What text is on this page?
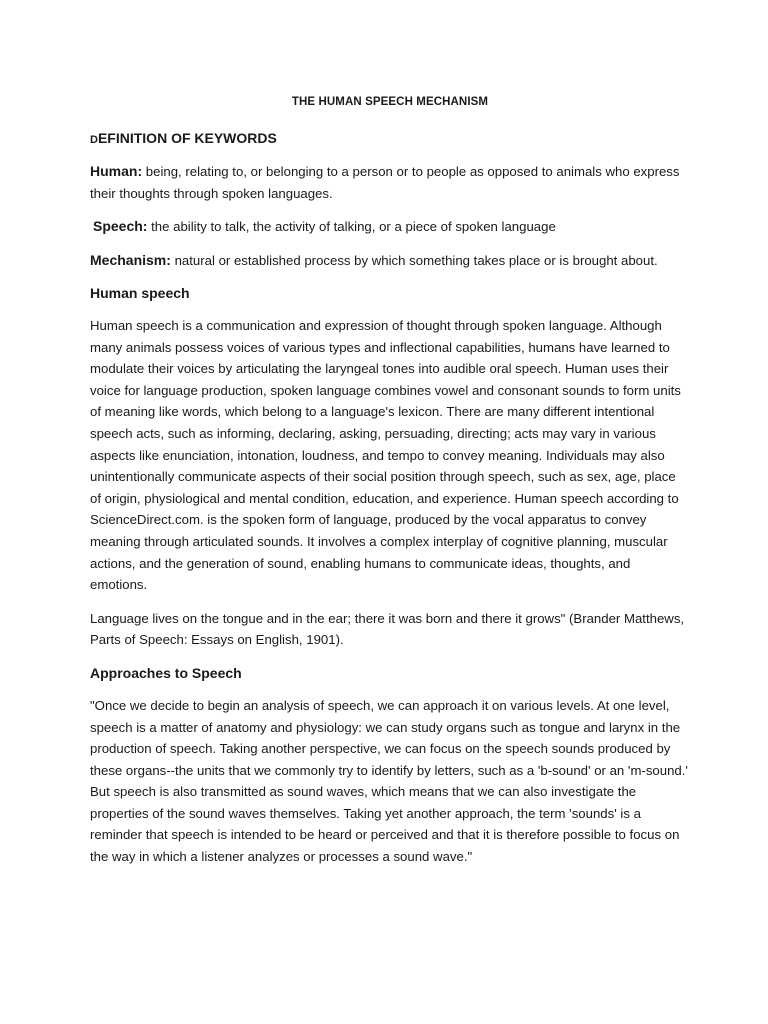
THE HUMAN SPEECH MECHANISM
DEFINITION OF KEYWORDS
Human: being, relating to, or belonging to a person or to people as opposed to animals who express their thoughts through spoken languages.
Speech: the ability to talk, the activity of talking, or a piece of spoken language
Mechanism: natural or established process by which something takes place or is brought about.
Human speech

Human speech is a communication and expression of thought through spoken language. Although many animals possess voices of various types and inflectional capabilities, humans have learned to modulate their voices by articulating the laryngeal tones into audible oral speech. Human uses their voice for language production, spoken language combines vowel and consonant sounds to form units of meaning like words, which belong to a language's lexicon. There are many different intentional speech acts, such as informing, declaring, asking, persuading, directing; acts may vary in various aspects like enunciation, intonation, loudness, and tempo to convey meaning. Individuals may also unintentionally communicate aspects of their social position through speech, such as sex, age, place of origin, physiological and mental condition, education, and experience. Human speech according to ScienceDirect.com. is the spoken form of language, produced by the vocal apparatus to convey meaning through articulated sounds. It involves a complex interplay of cognitive planning, muscular actions, and the generation of sound, enabling humans to communicate ideas, thoughts, and emotions.

Language lives on the tongue and in the ear; there it was born and there it grows" (Brander Matthews, Parts of Speech: Essays on English, 1901).

Approaches to Speech

"Once we decide to begin an analysis of speech, we can approach it on various levels. At one level, speech is a matter of anatomy and physiology: we can study organs such as tongue and larynx in the production of speech. Taking another perspective, we can focus on the speech sounds produced by these organs--the units that we commonly try to identify by letters, such as a 'b-sound' or an 'm-sound.' But speech is also transmitted as sound waves, which means that we can also investigate the properties of the sound waves themselves. Taking yet another approach, the term 'sounds' is a reminder that speech is intended to be heard or perceived and that it is therefore possible to focus on the way in which a listener analyzes or processes a sound wave."
